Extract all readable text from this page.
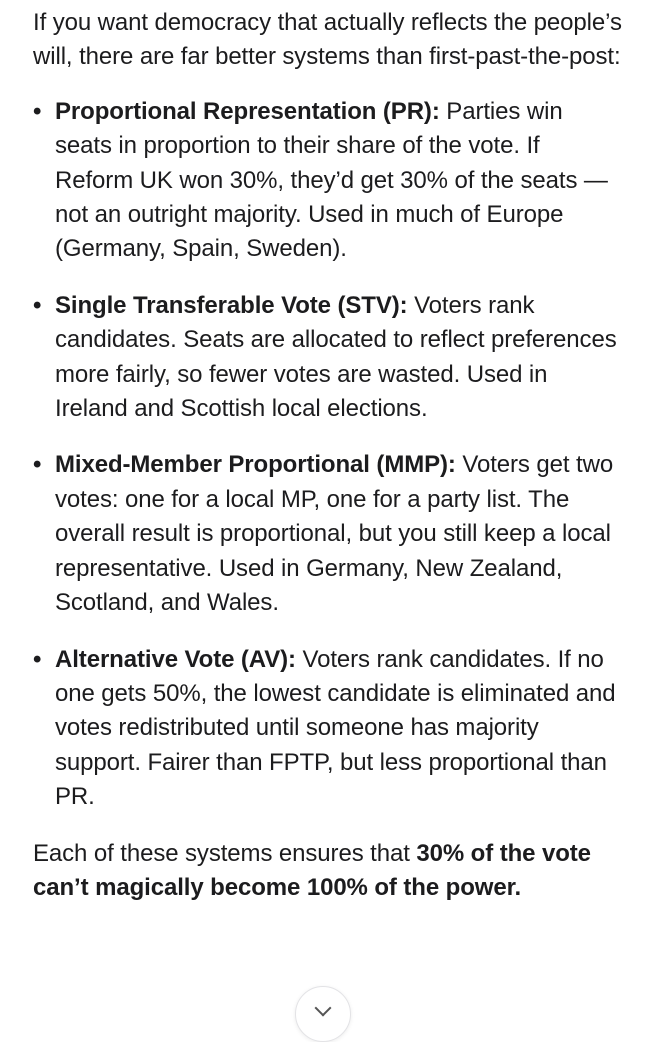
If you want democracy that actually reflects the people’s will, there are far better systems than first-past-the-post:

• Proportional Representation (PR): Parties win seats in proportion to their share of the vote. If Reform UK won 30%, they’d get 30% of the seats — not an outright majority. Used in much of Europe (Germany, Spain, Sweden).
• Single Transferable Vote (STV): Voters rank candidates. Seats are allocated to reflect preferences more fairly, so fewer votes are wasted. Used in Ireland and Scottish local elections.
• Mixed-Member Proportional (MMP): Voters get two votes: one for a local MP, one for a party list. The overall result is proportional, but you still keep a local representative. Used in Germany, New Zealand, Scotland, and Wales.
• Alternative Vote (AV): Voters rank candidates. If no one gets 50%, the lowest candidate is eliminated and votes redistributed until someone has majority support. Fairer than FPTP, but less proportional than PR.

Each of these systems ensures that 30% of the vote can’t magically become 100% of the power.
